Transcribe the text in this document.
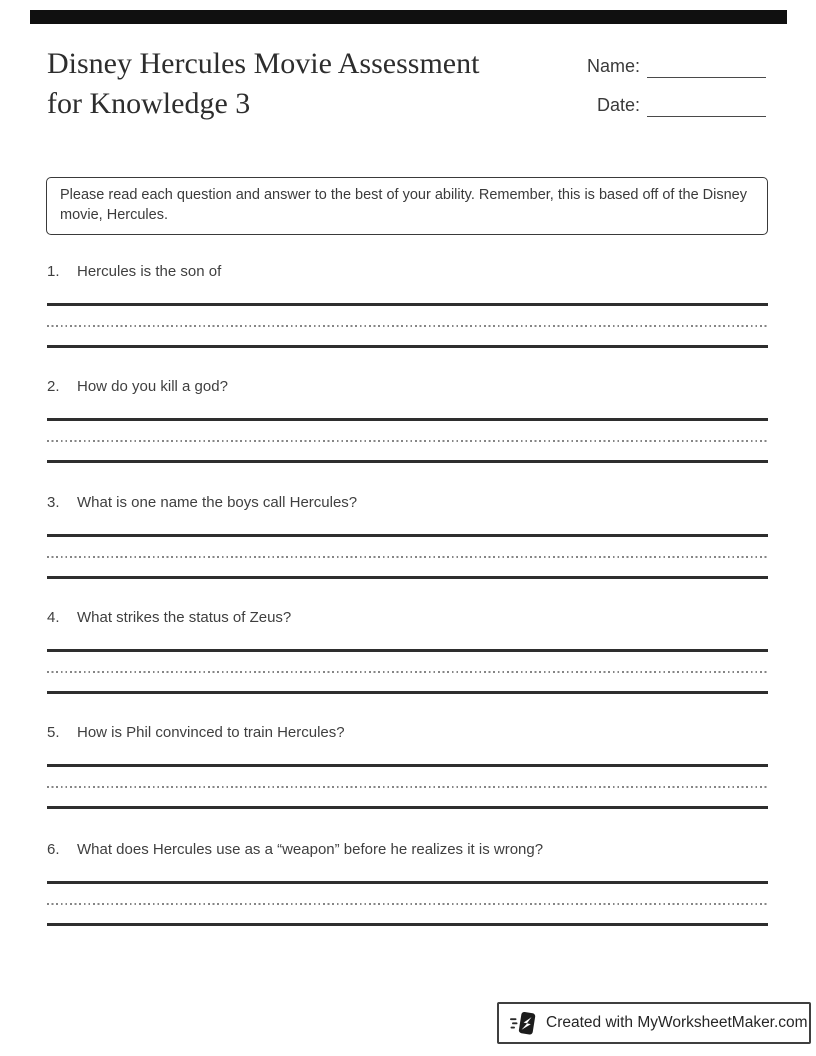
Disney Hercules Movie Assessment
for Knowledge 3
Name:
Date:
Please read each question and answer to the best of your ability. Remember, this is based off of the Disney movie, Hercules.
1.	Hercules is the son of
2.	How do you kill a god?
3.	What is one name the boys call Hercules?
4.	What strikes the status of Zeus?
5.	How is Phil convinced to train Hercules?
6.	What does Hercules use as a “weapon” before he realizes it is wrong?
Created with MyWorksheetMaker.com
